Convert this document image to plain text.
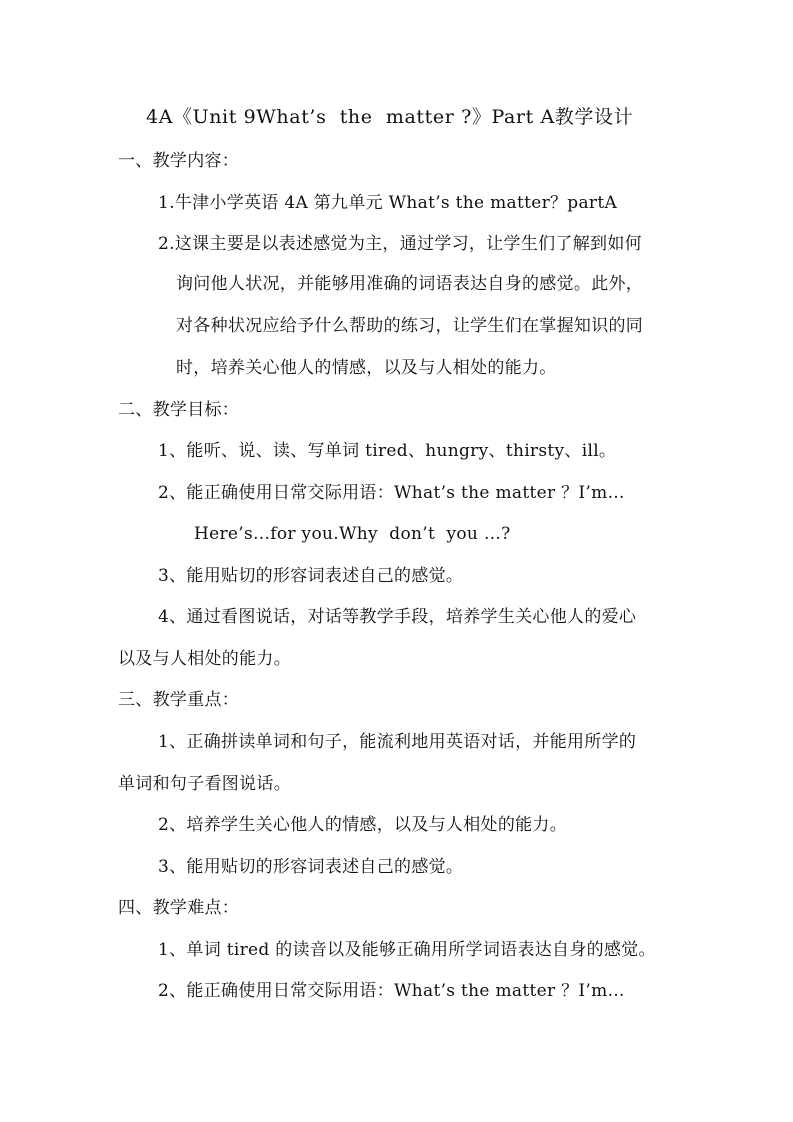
4A《Unit 9What’s  the  matter ?》Part A教学设计
一、教学内容：
1.牛津小学英语 4A 第九单元 What’s the matter？partA
2.这课主要是以表述感觉为主，通过学习，让学生们了解到如何
询问他人状况，并能够用准确的词语表达自身的感觉。此外，
对各种状况应给予什么帮助的练习，让学生们在掌握知识的同
时，培养关心他人的情感，以及与人相处的能力。
二、教学目标：
1、能听、说、读、写单词 tired、hungry、thirsty、ill。
2、能正确使用日常交际用语：What’s the matter ？I’m…
Here’s…for you.Why  don’t  you …?
3、能用贴切的形容词表述自己的感觉。
4、通过看图说话，对话等教学手段，培养学生关心他人的爱心
以及与人相处的能力。
三、教学重点：
1、正确拼读单词和句子，能流利地用英语对话，并能用所学的
单词和句子看图说话。
2、培养学生关心他人的情感，以及与人相处的能力。
3、能用贴切的形容词表述自己的感觉。
四、教学难点：
1、单词 tired 的读音以及能够正确用所学词语表达自身的感觉。
2、能正确使用日常交际用语：What’s the matter ？I’m…
